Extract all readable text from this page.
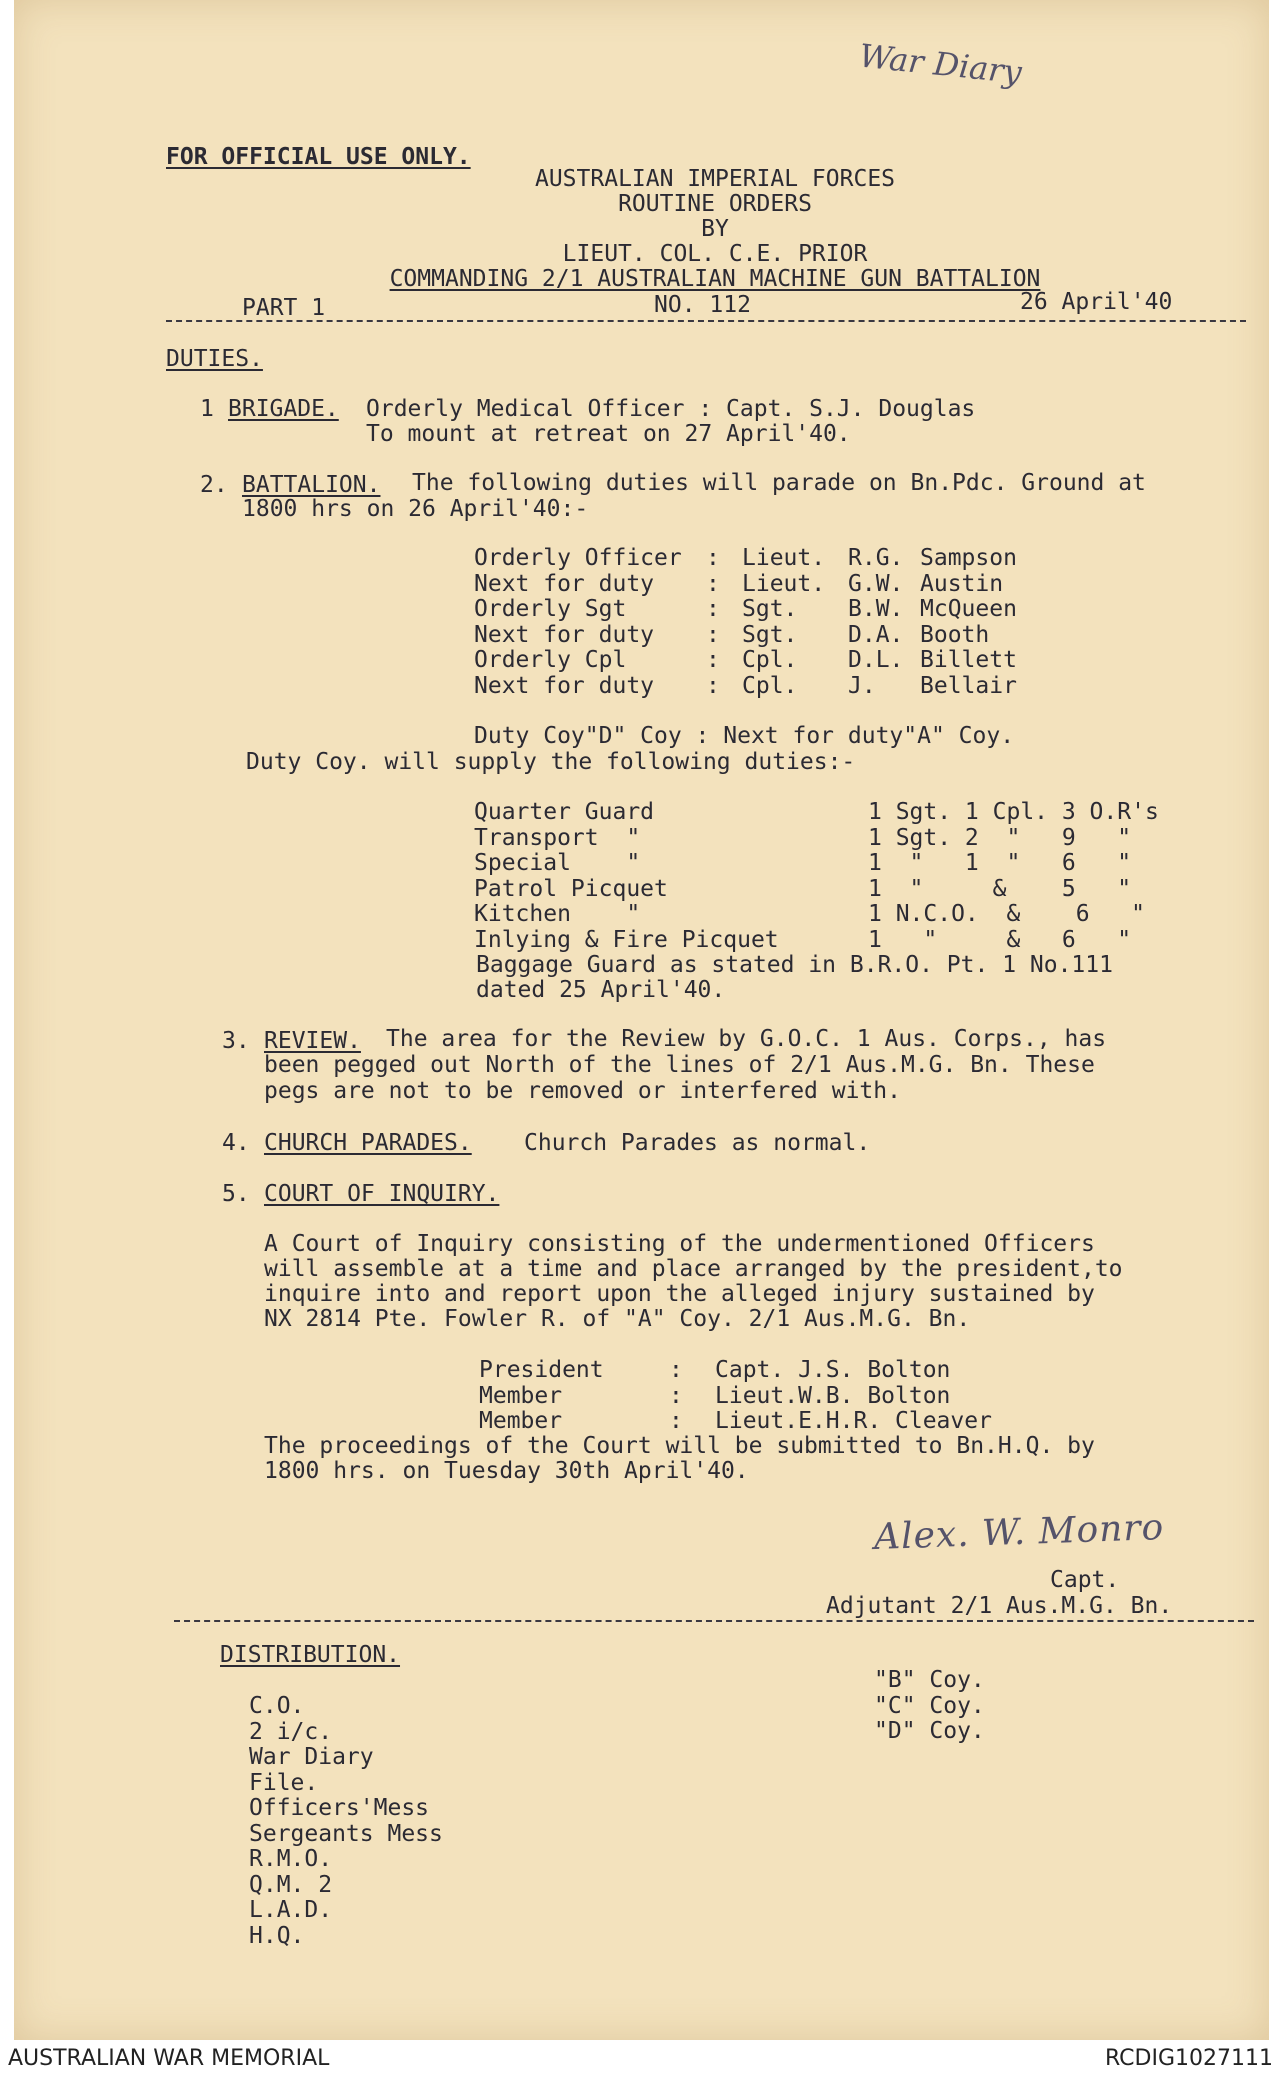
War Diary
FOR OFFICIAL USE ONLY.
AUSTRALIAN IMPERIAL FORCES
ROUTINE ORDERS
BY
LIEUT. COL. C.E. PRIOR
COMMANDING 2/1 AUSTRALIAN MACHINE GUN BATTALION
PART 1	NO. 112	26 April'40
DUTIES.
1 BRIGADE. Orderly Medical Officer : Capt. S.J. Douglas
To mount at retreat on 27 April'40.
2. BATTALION. The following duties will parade on Bn.Pdc. Ground at
1800 hrs on 26 April'40:-
Orderly Officer	: Lieut. R.G. Sampson
Next for duty	: Lieut. G.W. Austin
Orderly Sgt	: Sgt.	B.W. McQueen
Next for duty	: Sgt.	D.A. Booth
Orderly Cpl	: Cpl.	D.L. Billett
Next for duty	: Cpl.	J.	Bellair
Duty Coy"D" Coy : Next for duty"A" Coy.
Duty Coy. will supply the following duties:-
Quarter Guard	1 Sgt. 1 Cpl. 3 O.R's
Transport  "	1 Sgt. 2  "   9   "
Special    "	1  "   1  "   6   "
Patrol Picquet	1  "     &    5   "
Kitchen    "	1 N.C.O.  &    6   "
Inlying & Fire Picquet	1   "     &   6   "
Baggage Guard as stated in B.R.O. Pt. 1 No.111
dated 25 April'40.
3. REVIEW. The area for the Review by G.O.C. 1 Aus. Corps., has
been pegged out North of the lines of 2/1 Aus.M.G. Bn. These
pegs are not to be removed or interfered with.
4. CHURCH PARADES. Church Parades as normal.
5. COURT OF INQUIRY.
A Court of Inquiry consisting of the undermentioned Officers
will assemble at a time and place arranged by the president,to
inquire into and report upon the alleged injury sustained by
NX 2814 Pte. Fowler R. of "A" Coy. 2/1 Aus.M.G. Bn.
President	:	Capt. J.S. Bolton
Member	:	Lieut.W.B. Bolton
Member	:	Lieut.E.H.R. Cleaver
The proceedings of the Court will be submitted to Bn.H.Q. by
1800 hrs. on Tuesday 30th April'40.
Alex. W. Monro
Capt.
Adjutant 2/1 Aus.M.G. Bn.
DISTRIBUTION.
C.O.
2 i/c.
War Diary
File.
Officers'Mess
Sergeants Mess
R.M.O.
Q.M. 2
L.A.D.
H.Q.
"B" Coy.
"C" Coy.
"D" Coy.
AUSTRALIAN WAR MEMORIAL	RCDIG1027111
